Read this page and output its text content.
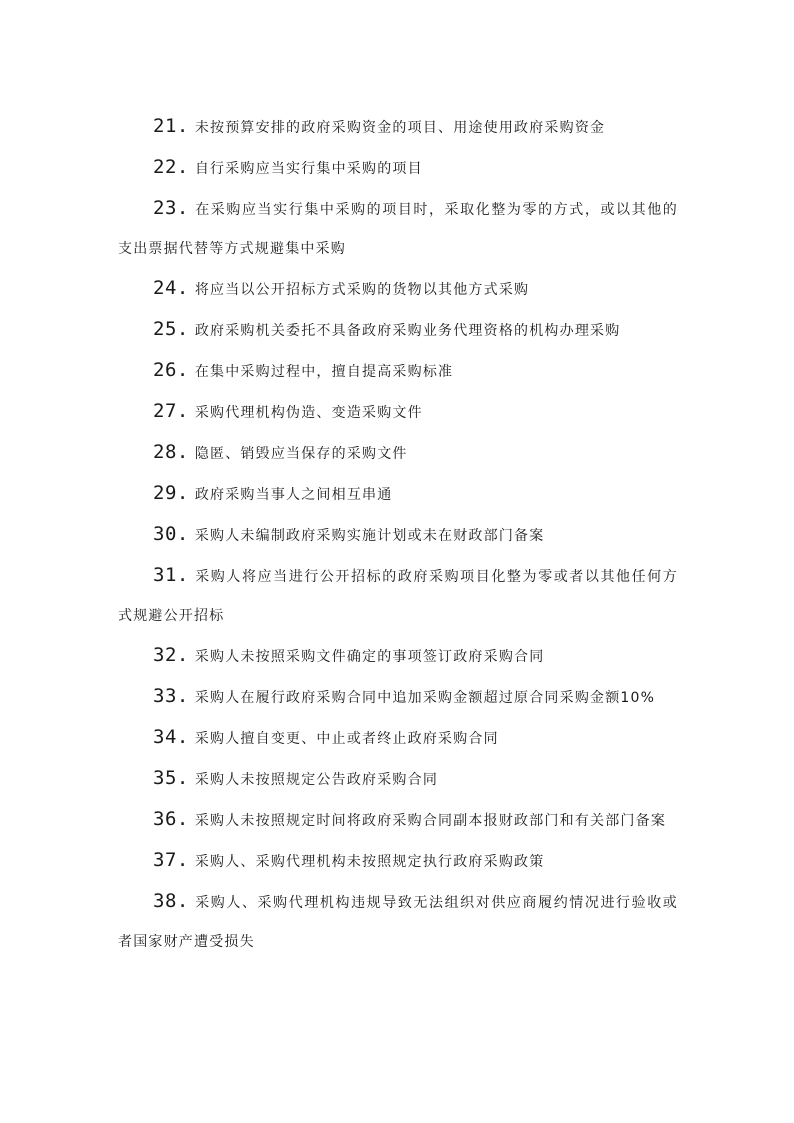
21. 未按预算安排的政府采购资金的项目、用途使用政府采购资金

22. 自行采购应当实行集中采购的项目

23. 在采购应当实行集中采购的项目时，采取化整为零的方式，或以其他的支出票据代替等方式规避集中采购

24. 将应当以公开招标方式采购的货物以其他方式采购

25. 政府采购机关委托不具备政府采购业务代理资格的机构办理采购

26. 在集中采购过程中，擅自提高采购标准

27. 采购代理机构伪造、变造采购文件

28. 隐匿、销毁应当保存的采购文件

29. 政府采购当事人之间相互串通

30. 采购人未编制政府采购实施计划或未在财政部门备案

31. 采购人将应当进行公开招标的政府采购项目化整为零或者以其他任何方式规避公开招标

32. 采购人未按照采购文件确定的事项签订政府采购合同

33. 采购人在履行政府采购合同中追加采购金额超过原合同采购金额10%

34. 采购人擅自变更、中止或者终止政府采购合同

35. 采购人未按照规定公告政府采购合同

36. 采购人未按照规定时间将政府采购合同副本报财政部门和有关部门备案

37. 采购人、采购代理机构未按照规定执行政府采购政策

38. 采购人、采购代理机构违规导致无法组织对供应商履约情况进行验收或者国家财产遭受损失
